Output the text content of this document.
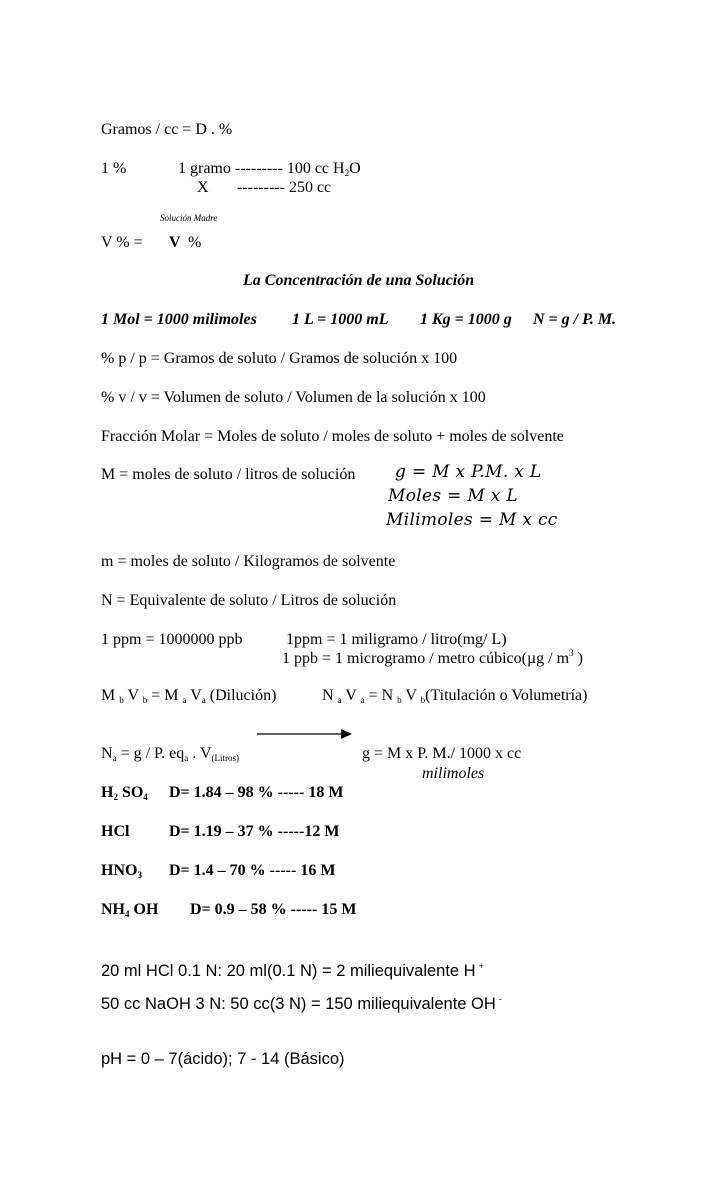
Gramos / cc = D . %
1 %	1 gramo --------- 100 cc $H_2O$
X --------- 250 cc
Solución Madre
V % = V %
La Concentración de una Solución
1 Mol = 1000 milimoles 1 L = 1000 mL 1 Kg = 1000 g N = g / P. M.
% p / p = Gramos de soluto / Gramos de solución x 100
% v / v = Volumen de soluto / Volumen de la solución x 100
Fracción Molar = Moles de soluto / moles de soluto + moles de solvente
M = moles de soluto / litros de solución g = M x P.M. x L
Moles = M x L
Milimoles = M x cc
m = moles de soluto / Kilogramos de solvente
N = Equivalente de soluto / Litros de solución
1 ppm = 1000000 ppb	1ppm = 1 miligramo / litro(mg/ L)
1 ppb = 1 microgramo / metro cúbico(µg / $m^3$ )
M $_b$ V $_b$ = M $_a$ $V_a$ (Dilución)	N $_a$ V $_a$ = N $_b$ V $_b$(Titulación o Volumetría)
$N_a = g / P$. $eq_a$ . $V_{(Litros)}$	g = M x P. M./ 1000 x cc
milimoles
$H_2$ $SO_4$ D= 1.84 – 98 % ----- 18 M
HCl D= 1.19 – 37 % -----12 M
$HNO_3$ D= 1.4 – 70 % ----- 16 M
$NH_4$ OH D= 0.9 – 58 % ----- 15 M
20 ml HCl 0.1 N: 20 ml(0.1 N) = 2 miliequivalente H +
50 cc NaOH 3 N: 50 cc(3 N) = 150 miliequivalente OH -
pH = 0 – 7(ácido); 7 - 14 (Básico)
